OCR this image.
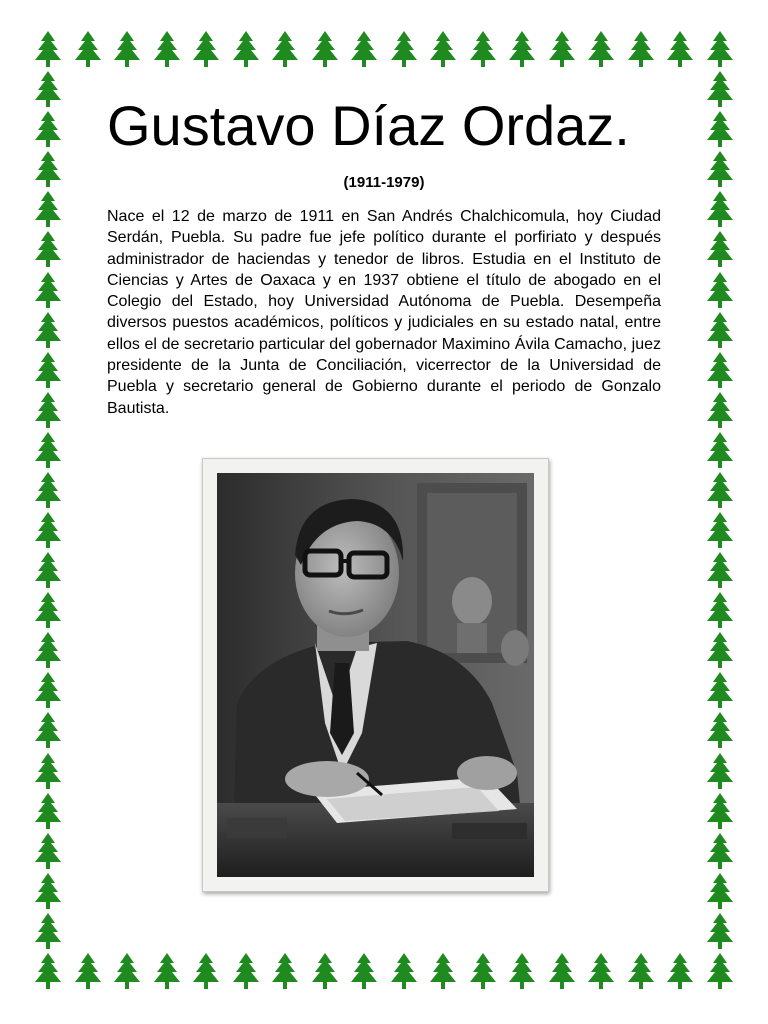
Gustavo Díaz Ordaz.
(1911-1979)

Nace el 12 de marzo de 1911 en San Andrés Chalchicomula, hoy Ciudad Serdán, Puebla. Su padre fue jefe político durante el porfiriato y después administrador de haciendas y tenedor de libros. Estudia en el Instituto de Ciencias y Artes de Oaxaca y en 1937 obtiene el título de abogado en el Colegio del Estado, hoy Universidad Autónoma de Puebla. Desempeña diversos puestos académicos, políticos y judiciales en su estado natal, entre ellos el de secretario particular del gobernador Maximino Ávila Camacho, juez presidente de la Junta de Conciliación, vicerrector de la Universidad de Puebla y secretario general de Gobierno durante el periodo de Gonzalo Bautista.
